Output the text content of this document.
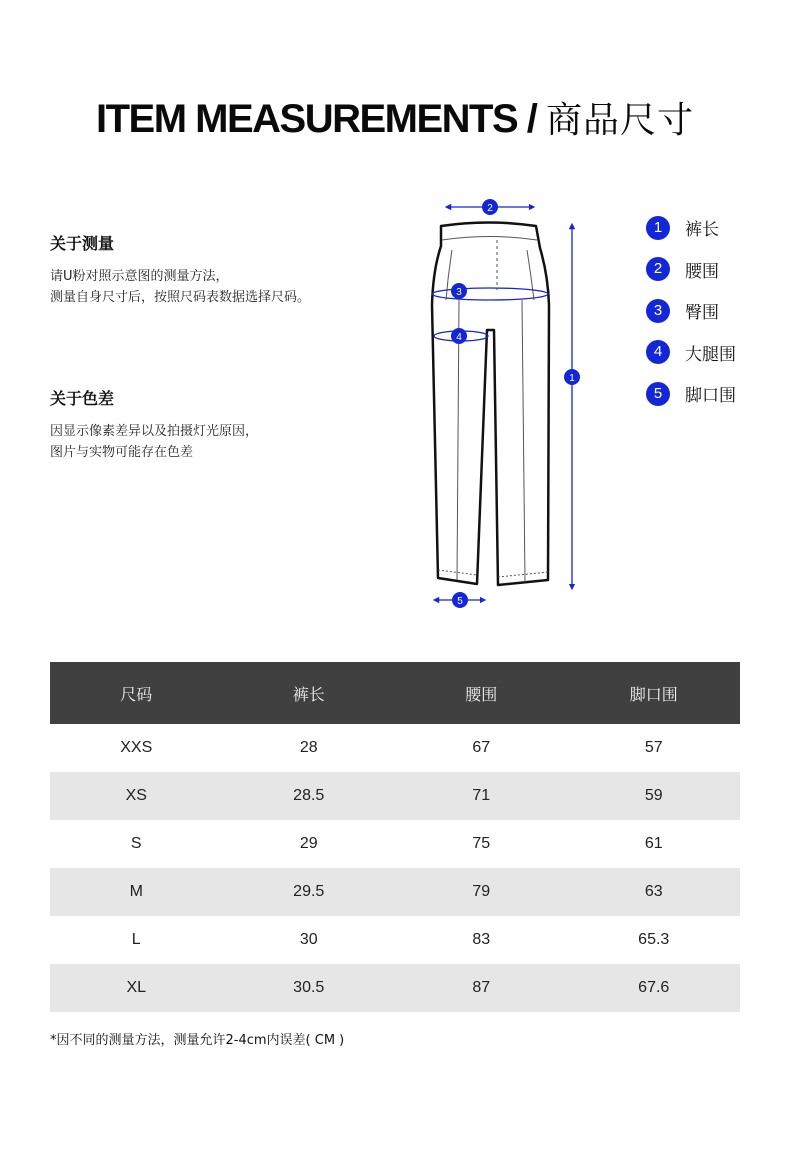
ITEM MEASUREMENTS / 商品尺寸
关于测量

请U粉对照示意图的测量方法，

测量自身尺寸后，按照尺码表数据选择尺码。

关于色差

因显示像素差异以及拍摄灯光原因，

图片与实物可能存在色差

2
1
3
4
5
1	裤长
2	腰围
3	臀围
4	大腿围
5	脚口围
尺码	裤长	腰围	脚口围
XXS	28	67	57
XS	28.5	71	59
S	29	75	61
M	29.5	79	63
L	30	83	65.3
XL	30.5	87	67.6
*因不同的测量方法，测量允许2-4cm内误差( CM )
